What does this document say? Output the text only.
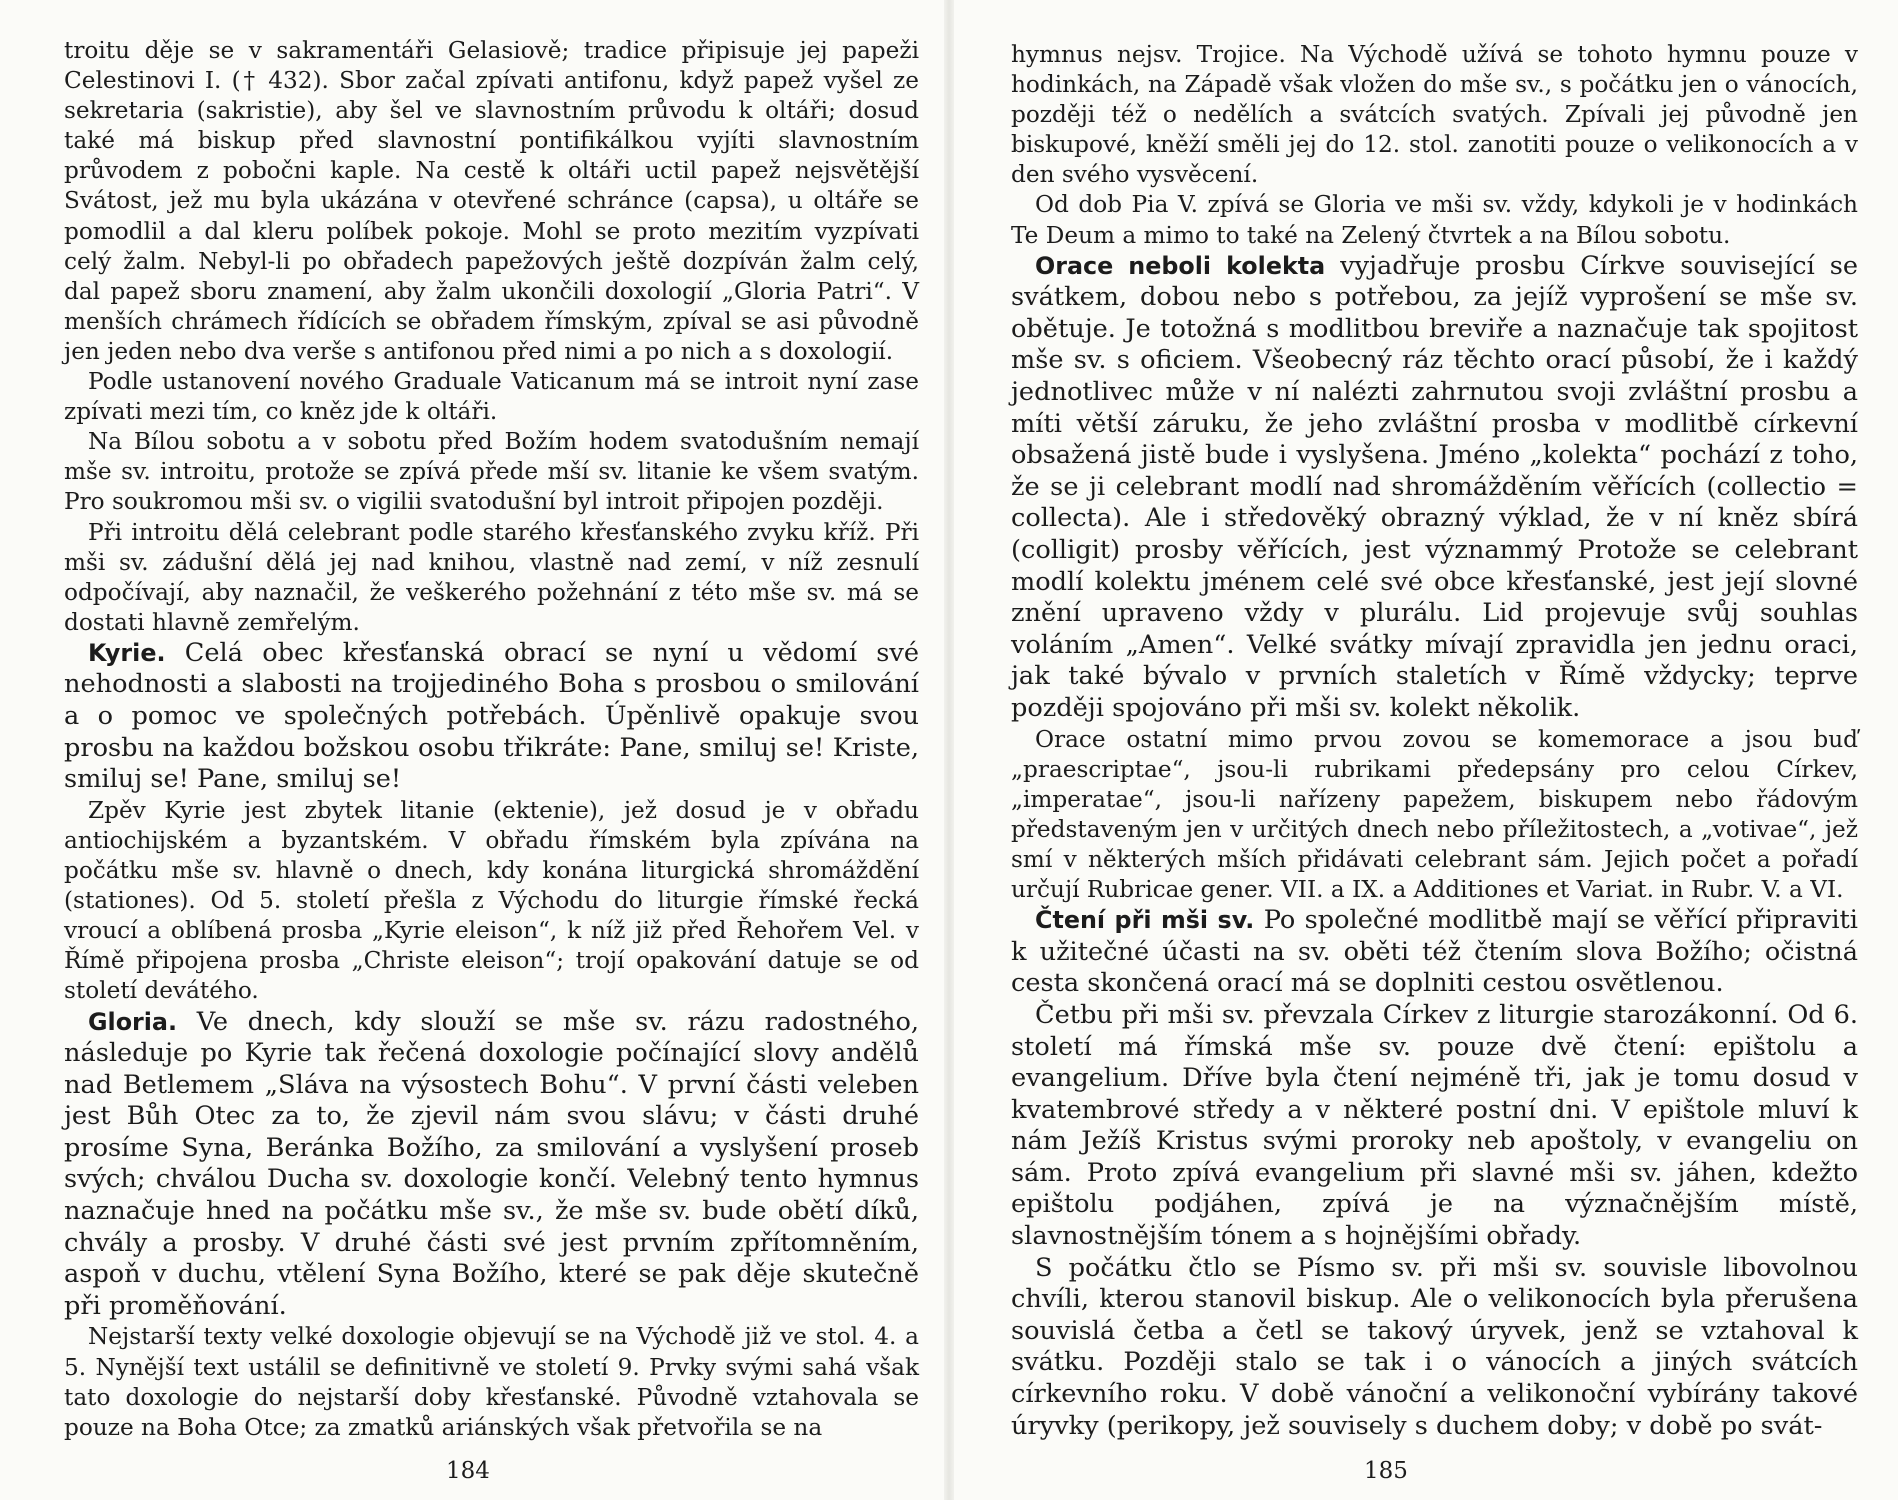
troitu děje se v sakramentáři Gelasiově; tradice připisuje jej papeži Celestinovi I. († 432). Sbor začal zpívati antifonu, když papež vyšel ze sekretaria (sakristie), aby šel ve slavnostním průvodu k oltáři; dosud také má biskup před slavnostní pontifikálkou vyjíti slavnostním průvodem z pobočni kaple. Na cestě k oltáři uctil papež nejsvětější Svátost, jež mu byla ukázána v otevřené schránce (capsa), u oltáře se pomodlil a dal kleru políbek pokoje. Mohl se proto mezitím vyzpívati celý žalm. Nebyl-li po obřadech papežových ještě dozpíván žalm celý, dal papež sboru znamení, aby žalm ukončili doxologií „Gloria Patri“. V menších chrámech řídících se obřadem římským, zpíval se asi původně jen jeden nebo dva verše s antifonou před nimi a po nich a s doxologií.

Podle ustanovení nového Graduale Vaticanum má se introit nyní zase zpívati mezi tím, co kněz jde k oltáři.

Na Bílou sobotu a v sobotu před Božím hodem svatodušním nemají mše sv. introitu, protože se zpívá přede mší sv. litanie ke všem svatým. Pro soukromou mši sv. o vigilii svatodušní byl introit připojen později.

Při introitu dělá celebrant podle starého křesťanského zvyku kříž. Při mši sv. zádušní dělá jej nad knihou, vlastně nad zemí, v níž zesnulí odpočívají, aby naznačil, že veškerého požehnání z této mše sv. má se dostati hlavně zemřelým.

Kyrie. Celá obec křesťanská obrací se nyní u vědomí své nehodnosti a slabosti na trojjediného Boha s prosbou o smilování a o pomoc ve společných potřebách. Úpěnlivě opakuje svou prosbu na každou božskou osobu třikráte: Pane, smiluj se! Kriste, smiluj se! Pane, smiluj se!

Zpěv Kyrie jest zbytek litanie (ektenie), jež dosud je v obřadu antiochijském a byzantském. V obřadu římském byla zpívána na počátku mše sv. hlavně o dnech, kdy konána liturgická shromáždění (stationes). Od 5. století přešla z Východu do liturgie římské řecká vroucí a oblíbená prosba „Kyrie eleison“, k níž již před Řehořem Vel. v Římě připojena prosba „Christe eleison“; trojí opakování datuje se od století devátého.

Gloria. Ve dnech, kdy slouží se mše sv. rázu radostného, následuje po Kyrie tak řečená doxologie počínající slovy andělů nad Betlemem „Sláva na výsostech Bohu“. V první části veleben jest Bůh Otec za to, že zjevil nám svou slávu; v části druhé prosíme Syna, Beránka Božího, za smilování a vyslyšení proseb svých; chválou Ducha sv. doxologie končí. Velebný tento hymnus naznačuje hned na počátku mše sv., že mše sv. bude obětí díků, chvály a prosby. V druhé části své jest prvním zpřítomněním, aspoň v duchu, vtělení Syna Božího, které se pak děje skutečně při proměňování.

Nejstarší texty velké doxologie objevují se na Východě již ve stol. 4. a 5. Nynější text ustálil se definitivně ve století 9. Prvky svými sahá však tato doxologie do nejstarší doby křesťanské. Původně vztahovala se pouze na Boha Otce; za zmatků ariánských však přetvořila se na

184

hymnus nejsv. Trojice. Na Východě užívá se tohoto hymnu pouze v hodinkách, na Západě však vložen do mše sv., s počátku jen o vánocích, později též o nedělích a svátcích svatých. Zpívali jej původně jen biskupové, kněží směli jej do 12. stol. zanotiti pouze o velikonocích a v den svého vysvěcení.

Od dob Pia V. zpívá se Gloria ve mši sv. vždy, kdykoli je v hodinkách Te Deum a mimo to také na Zelený čtvrtek a na Bílou sobotu.

Orace neboli kolekta vyjadřuje prosbu Církve související se svátkem, dobou nebo s potřebou, za jejíž vyprošení se mše sv. obětuje. Je totožná s modlitbou breviře a naznačuje tak spojitost mše sv. s oficiem. Všeobecný ráz těchto orací působí, že i každý jednotlivec může v ní nalézti zahrnutou svoji zvláštní prosbu a míti větší záruku, že jeho zvláštní prosba v modlitbě církevní obsažená jistě bude i vyslyšena. Jméno „kolekta“ pochází z toho, že se ji celebrant modlí nad shromážděním věřících (collectio = collecta). Ale i středověký obrazný výklad, že v ní kněz sbírá (colligit) prosby věřících, jest význammý Protože se celebrant modlí kolektu jménem celé své obce křesťanské, jest její slovné znění upraveno vždy v plurálu. Lid projevuje svůj souhlas voláním „Amen“. Velké svátky mívají zpravidla jen jednu oraci, jak také bývalo v prvních staletích v Římě vždycky; teprve později spojováno při mši sv. kolekt několik.

Orace ostatní mimo prvou zovou se komemorace a jsou buď „praescriptae“, jsou-li rubrikami předepsány pro celou Církev, „imperatae“, jsou-li nařízeny papežem, biskupem nebo řádovým představeným jen v určitých dnech nebo příležitostech, a „votivae“, jež smí v některých mších přidávati celebrant sám. Jejich počet a pořadí určují Rubricae gener. VII. a IX. a Additiones et Variat. in Rubr. V. a VI.

Čtení při mši sv. Po společné modlitbě mají se věřící připraviti k užitečné účasti na sv. oběti též čtením slova Božího; očistná cesta skončená orací má se doplniti cestou osvětlenou.

Četbu při mši sv. převzala Církev z liturgie starozákonní. Od 6. století má římská mše sv. pouze dvě čtení: epištolu a evangelium. Dříve byla čtení nejméně tři, jak je tomu dosud v kvatembrové středy a v některé postní dni. V epištole mluví k nám Ježíš Kristus svými proroky neb apoštoly, v evangeliu on sám. Proto zpívá evangelium při slavné mši sv. jáhen, kdežto epištolu podjáhen, zpívá je na význačnějším místě, slavnostnějším tónem a s hojnějšími obřady.

S počátku čtlo se Písmo sv. při mši sv. souvisle libovolnou chvíli, kterou stanovil biskup. Ale o velikonocích byla přerušena souvislá četba a četl se takový úryvek, jenž se vztahoval k svátku. Později stalo se tak i o vánocích a jiných svátcích církevního roku. V době vánoční a velikonoční vybírány takové úryvky (perikopy, jež souvisely s duchem doby; v době po svát-

185
